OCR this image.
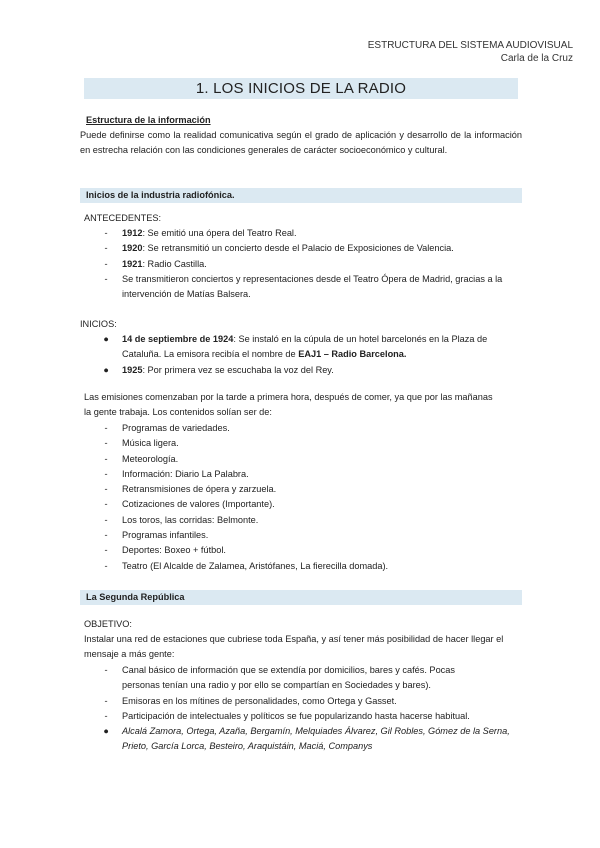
ESTRUCTURA DEL SISTEMA AUDIOVISUAL
Carla de la Cruz
1. LOS INICIOS DE LA RADIO
Estructura de la información
Puede definirse como la realidad comunicativa según el grado de aplicación y desarrollo de la información en estrecha relación con las condiciones generales de carácter socioeconómico y cultural.
Inicios de la industria radiofónica.
ANTECEDENTES:
-	1912: Se emitió una ópera del Teatro Real.
-	1920: Se retransmitió un concierto desde el Palacio de Exposiciones de Valencia.
-	1921: Radio Castilla.
-	Se transmitieron conciertos y representaciones desde el Teatro Ópera de Madrid, gracias a la intervención de Matías Balsera.
INICIOS:
●	14 de septiembre de 1924: Se instaló en la cúpula de un hotel barcelonés en la Plaza de Cataluña. La emisora recibía el nombre de EAJ1 – Radio Barcelona.
●	1925: Por primera vez se escuchaba la voz del Rey.
Las emisiones comenzaban por la tarde a primera hora, después de comer, ya que por las mañanas la gente trabaja. Los contenidos solían ser de:
-	Programas de variedades.
-	Música ligera.
-	Meteorología.
-	Información: Diario La Palabra.
-	Retransmisiones de ópera y zarzuela.
-	Cotizaciones de valores (Importante).
-	Los toros, las corridas: Belmonte.
-	Programas infantiles.
-	Deportes: Boxeo + fútbol.
-	Teatro (El Alcalde de Zalamea, Aristófanes, La fierecilla domada).
La Segunda República
OBJETIVO:
Instalar una red de estaciones que cubriese toda España, y así tener más posibilidad de hacer llegar el mensaje a más gente:
-	Canal básico de información que se extendía por domicilios, bares y cafés. Pocas personas tenían una radio y por ello se compartían en Sociedades y bares).
-	Emisoras en los mítines de personalidades, como Ortega y Gasset.
-	Participación de intelectuales y políticos se fue popularizando hasta hacerse habitual.
●	Alcalá Zamora, Ortega, Azaña, Bergamín, Melquiades Álvarez, Gil Robles, Gómez de la Serna, Prieto, García Lorca, Besteiro, Araquistáin, Maciá, Companys
